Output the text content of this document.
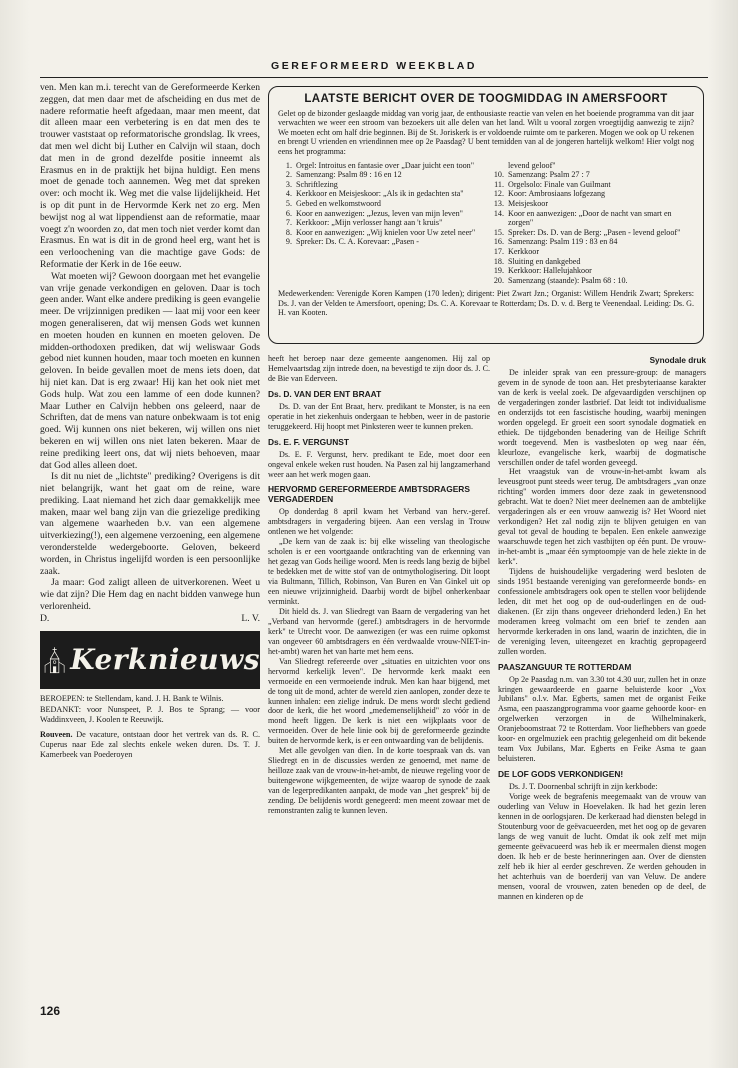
GEREFORMEERD WEEKBLAD

ven. Men kan m.i. terecht van de Gereformeerde Kerken zeggen, dat men daar met de afscheiding en dus met de nadere reformatie heeft afgedaan, maar men meent, dat dit alleen maar een verbetering is en dat men des te trouwer vaststaat op reformatorische grondslag. Ik vrees, dat men wel dicht bij Luther en Calvijn wil staan, doch dat men in de grond dezelfde positie inneemt als Erasmus en in de praktijk het bijna huldigt. Een mens moet de genade toch aannemen. Weg met dat spreken over: och mocht ik. Weg met die valse lijdelijkheid. Het is op dit punt in de Hervormde Kerk net zo erg. Men bewijst nog al wat lippendienst aan de reformatie, maar voegt z'n woorden zo, dat men toch niet verder komt dan Erasmus. En wat is dit in de grond heel erg, want het is een verloochening van die machtige gave Gods: de Reformatie der Kerk in de 16e eeuw.

Wat moeten wij? Gewoon doorgaan met het evangelie van vrije genade verkondigen en geloven. Daar is toch geen ander. Want elke andere prediking is geen evangelie meer. De vrijzinnigen prediken — laat mij voor een keer mogen generaliseren, dat wij mensen Gods wet kunnen en moeten houden en kunnen en moeten geloven. De midden-orthodoxen prediken, dat wij weliswaar Gods gebod niet kunnen houden, maar toch moeten en kunnen geloven. In beide gevallen moet de mens iets doen, dat hij niet kan. Dat is erg zwaar! Hij kan het ook niet met Gods hulp. Wat zou een lamme of een dode kunnen? Maar Luther en Calvijn hebben ons geleerd, naar de Schriften, dat de mens van nature onbekwaam is tot enig goed. Wij kunnen ons niet bekeren, wij willen ons niet bekeren en wij willen ons niet laten bekeren. Maar de reine prediking leert ons, dat wij niets behoeven, maar dat God alles alleen doet.

Is dit nu niet de „lichtste" prediking? Overigens is dit niet belangrijk, want het gaat om de reine, ware prediking. Laat niemand het zich daar gemakkelijk mee maken, maar wel bang zijn van die griezelige prediking van algemene waarheden b.v. van een algemene uitverkiezing(!), een algemene verzoening, een algemene veronderstelde wedergeboorte. Geloven, bekeerd worden, in Christus ingelijfd worden is een persoonlijke zaak.

Ja maar: God zaligt alleen de uitverkorenen. Weet u wie dat zijn? Die Hem dag en nacht bidden vanwege hun verlorenheid.

D.	L. V.
Kerknieuws

BEROEPEN: te Stellendam, kand. J. H. Bank te Wilnis.

BEDANKT: voor Nunspeet, P. J. Bos te Sprang; — voor Waddinxveen, J. Koolen te Reeuwijk.

Rouveen. De vacature, ontstaan door het vertrek van ds. R. C. Cuperus naar Ede zal slechts enkele weken duren. Ds. T. J. Kamerbeek van Poederoyen

LAATSTE BERICHT OVER DE TOOGMIDDAG IN AMERSFOORT

Gelet op de bizonder geslaagde middag van vorig jaar, de enthousiaste reactie van velen en het boeiende programma van dit jaar verwachten we weer een stroom van bezoekers uit alle delen van het land. Wilt u vooral zorgen vroegtijdig aanwezig te zijn? We moeten echt om half drie beginnen. Bij de St. Joriskerk is er voldoende ruimte om te parkeren. Mogen we ook op U rekenen en brengt U vrienden en vriendinnen mee op 2e Paasdag? U bent temidden van al de jongeren hartelijk welkom! Hier volgt nog eens het programma:

1. Orgel: Introitus en fantasie over „Daar juicht een toon"
2. Samenzang: Psalm 89 : 16 en 12
3. Schriftlezing
4. Kerkkoor en Meisjeskoor: „Als ik in gedachten sta"
5. Gebed en welkomstwoord
6. Koor en aanwezigen: „Jezus, leven van mijn leven"
7. Kerkkoor: „Mijn verlosser hangt aan 't kruis"
8. Koor en aanwezigen: „Wij knielen voor Uw zetel neer"
9. Spreker: Ds. C. A. Korevaar: „Pasen -
levend geloof"
10. Samenzang: Psalm 27 : 7
11. Orgelsolo: Finale van Guilmant
12. Koor: Ambrosiaans lofgezang
13. Meisjeskoor
14. Koor en aanwezigen: „Door de nacht van smart en zorgen"
15. Spreker: Ds. D. van de Berg: „Pasen - levend geloof"
16. Samenzang: Psalm 119 : 83 en 84
17. Kerkkoor
18. Sluiting en dankgebed
19. Kerkkoor: Hallelujahkoor
20. Samenzang (staande): Psalm 68 : 10.
Medewerkenden: Verenigde Koren Kampen (170 leden); dirigent: Piet Zwart Jzn.; Organist: Willem Hendrik Zwart; Sprekers: Ds. J. van der Velden te Amersfoort, opening; Ds. C. A. Korevaar te Rotterdam; Ds. D. v. d. Berg te Veenendaal. Leiding: Ds. G. H. van Kooten.

heeft het beroep naar deze gemeente aangenomen. Hij zal op Hemelvaartsdag zijn intrede doen, na bevestigd te zijn door ds. J. C. de Bie van Ederveen.

Ds. D. VAN DER ENT BRAAT

Ds. D. van der Ent Braat, herv. predikant te Monster, is na een operatie in het ziekenhuis ondergaan te hebben, weer in de pastorie teruggekeerd. Hij hoopt met Pinksteren weer te kunnen preken.

Ds. E. F. VERGUNST

Ds. E. F. Vergunst, herv. predikant te Ede, moet door een ongeval enkele weken rust houden. Na Pasen zal hij langzamerhand weer aan het werk mogen gaan.

HERVORMD GEREFORMEERDE AMBTSDRAGERS VERGADERDEN

Op donderdag 8 april kwam het Verband van herv.-geref. ambtsdragers in vergadering bijeen. Aan een verslag in Trouw ontlenen we het volgende:

„De kern van de zaak is: bij elke wisseling van theologische scholen is er een voortgaande ontkrachting van de erkenning van het gezag van Gods heilige woord. Men is reeds lang bezig de bijbel te bedekken met de witte stof van de ontmythologisering. Dit loopt via Bultmann, Tillich, Robinson, Van Buren en Van Ginkel uit op een nieuwe vrijzinnigheid. Daarbij wordt de bijbel onherkenbaar verminkt.

Dit hield ds. J. van Sliedregt van Baarn de vergadering van het „Verband van hervormde (geref.) ambtsdragers in de hervormde kerk" te Utrecht voor. De aanwezigen (er was een ruime opkomst van ongeveer 60 ambtsdragers en één verdwaalde vrouw-NIET-in-het-ambt) waren het van harte met hem eens.

Van Sliedregt refereerde over „situaties en uitzichten voor ons hervormd kerkelijk leven". De hervormde kerk maakt een vermoeide en een vermoeiende indruk. Men kan haar bijgend, met de tong uit de mond, achter de wereld zien aanlopen, zonder deze te kunnen inhalen: een zielige indruk. De mens wordt slecht gediend door de kerk, die het woord „medemenselijkheid" zo vóór in de mond heeft liggen. De kerk is niet een wijkplaats voor de vermoeiden. Over de hele linie ook bij de gereformeerde gezindte buiten de hervormde kerk, is er een ontwaarding van de belijdenis.

Met alle gevolgen van dien. In de korte toespraak van ds. van Sliedregt en in de discussies werden ze genoemd, met name de heilloze zaak van de vrouw-in-het-ambt, de nieuwe regeling voor de buitengewone wijkgemeenten, de wijze waarop de synode de zaak van de legerpredikanten aanpakt, de mode van „het gesprek" bij de zending. De belijdenis wordt genegeerd: men meent zowaar met de remonstranten zalig te kunnen leven.

Synodale druk

De inleider sprak van een pressure-group: de managers gevem in de synode de toon aan. Het presbyteriaanse karakter van de kerk is veelal zoek. De afgevaardigden verschijnen op de vergaderingen zonder lastbrief. Dat leidt tot individualisme en onderzijds tot een fascistische houding, waarbij meningen worden opgelegd. Er groeit een soort synodale dogmatiek en ethiek. De tijdgebonden benadering van de Heilige Schrift wordt toegevend. Men is vastbesloten op weg naar één, kleurloze, evangelische kerk, waarbij de dogmatische verschillen onder de tafel worden geveegd.

Het vraagstuk van de vrouw-in-het-ambt kwam als leveusgroot punt steeds weer terug. De ambtsdragers „van onze richting" worden immers door deze zaak in gewetensnood gebracht. Wat te doen? Niet meer deelnemen aan de ambtelijke vergaderingen als er een vrouw aanwezig is? Het Woord niet verkondigen? Het zal nodig zijn te blijven getuigen en van geval tot geval de houding te bepalen. Een enkele aanwezige waarschuwde tegen het zich vastbijten op één punt. De vrouw-in-het-ambt is „maar één symptoompje van de hele ziekte in de kerk".

Tijdens de huishoudelijke vergadering werd besloten de sinds 1951 bestaande vereniging van gereformeerde bonds- en confessionele ambtsdragers ook open te stellen voor belijdende leden, dit met het oog op de oud-ouderlingen en de oud-diakenen. (Er zijn thans ongeveer driehonderd leden.) En het moderamen kreeg volmacht om een brief te zenden aan hervormde kerkeraden in ons land, waarin de inzichten, die in de vereniging leven, uiteengezet en krachtig gepropageerd zullen worden.

PAASZANGUUR TE ROTTERDAM

Op 2e Paasdag n.m. van 3.30 tot 4.30 uur, zullen het in onze kringen gewaardeerde en gaarne beluisterde koor „Vox Jubilans" o.l.v. Mar. Egberts, samen met de organist Feike Asma, een paaszangprogramma voor gaarne gehoorde koor- en orgelwerken verzorgen in de Wilhelminakerk, Oranjeboomstraat 72 te Rotterdam. Voor liefhebbers van goede koor- en orgelmuziek een prachtig gelegenheid om dit bekende team Vox Jubilans, Mar. Egberts en Feike Asma te gaan beluisteren.

DE LOF GODS VERKONDIGEN!

Ds. J. T. Doornenbal schrijft in zijn kerkbode:

Vorige week de begrafenis meegemaakt van de vrouw van ouderling van Veluw in Hoevelaken. Ik had het gezin leren kennen in de oorlogsjaren. De kerkeraad had diensten belegd in Stoutenburg voor de geëvacueerden, met het oog op de gevaren langs de weg vanuit de lucht. Omdat ik ook zelf met mijn gemeente geëvacueerd was heb ik er meermalen dienst mogen doen. Ik heb er de beste herinneringen aan. Over de diensten zelf heb ik hier al eerder geschreven. Ze werden gehouden in het achterhuis van de boerderij van van Veluw. De andere mensen, vooral de vrouwen, zaten beneden op de deel, de mannen en kinderen op de

126
